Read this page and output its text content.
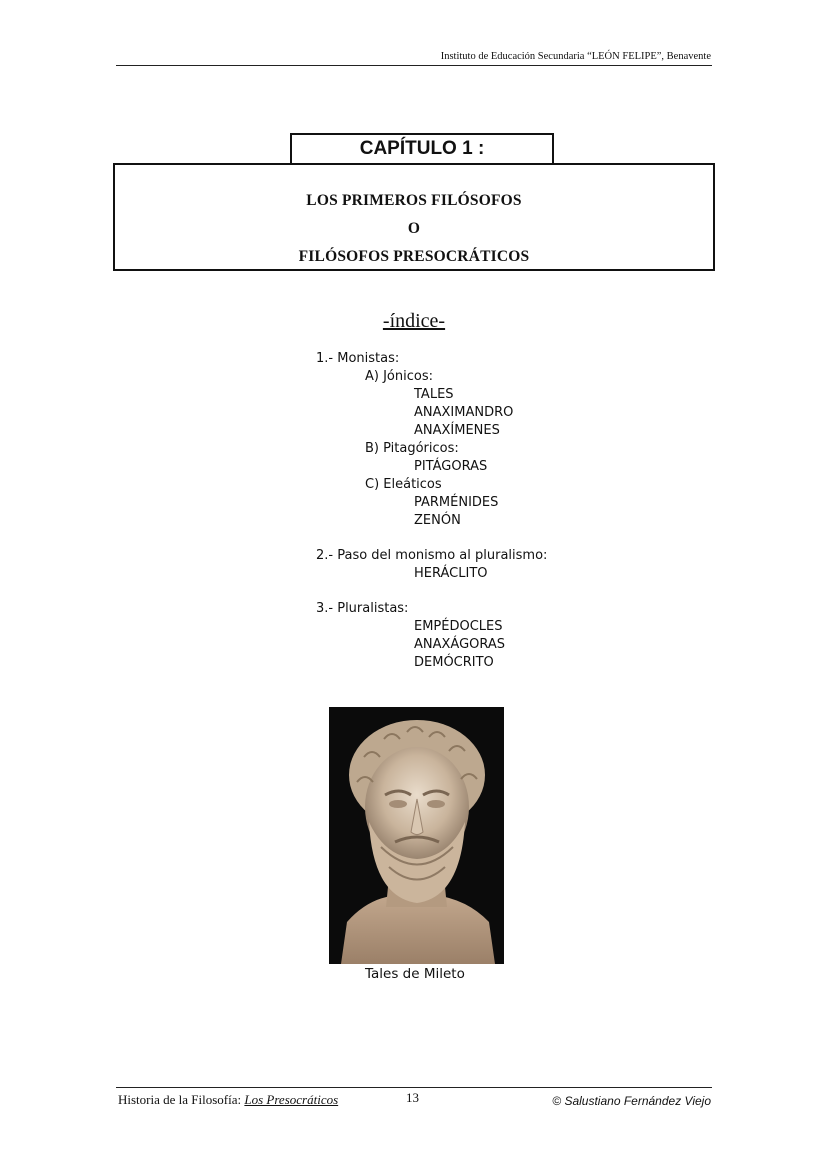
Instituto de Educación Secundaria “LEÓN FELIPE”, Benavente
CAPÍTULO 1 :
LOS PRIMEROS FILÓSOFOS
O
FILÓSOFOS PRESOCRÁTICOS
-índice-
1.- Monistas:
A) Jónicos:
TALES
ANAXIMANDRO
ANAXÍMENES
B) Pitagóricos:
PITÁGORAS
C) Eleáticos
PARMÉNIDES
ZENÓN
2.- Paso del monismo al pluralismo:
HERÁCLITO
3.- Pluralistas:
EMPÉDOCLES
ANAXÁGORAS
DEMÓCRITO
Tales de Mileto
Historia de la Filosofía: Los Presocráticos	13	© Salustiano Fernández Viejo
